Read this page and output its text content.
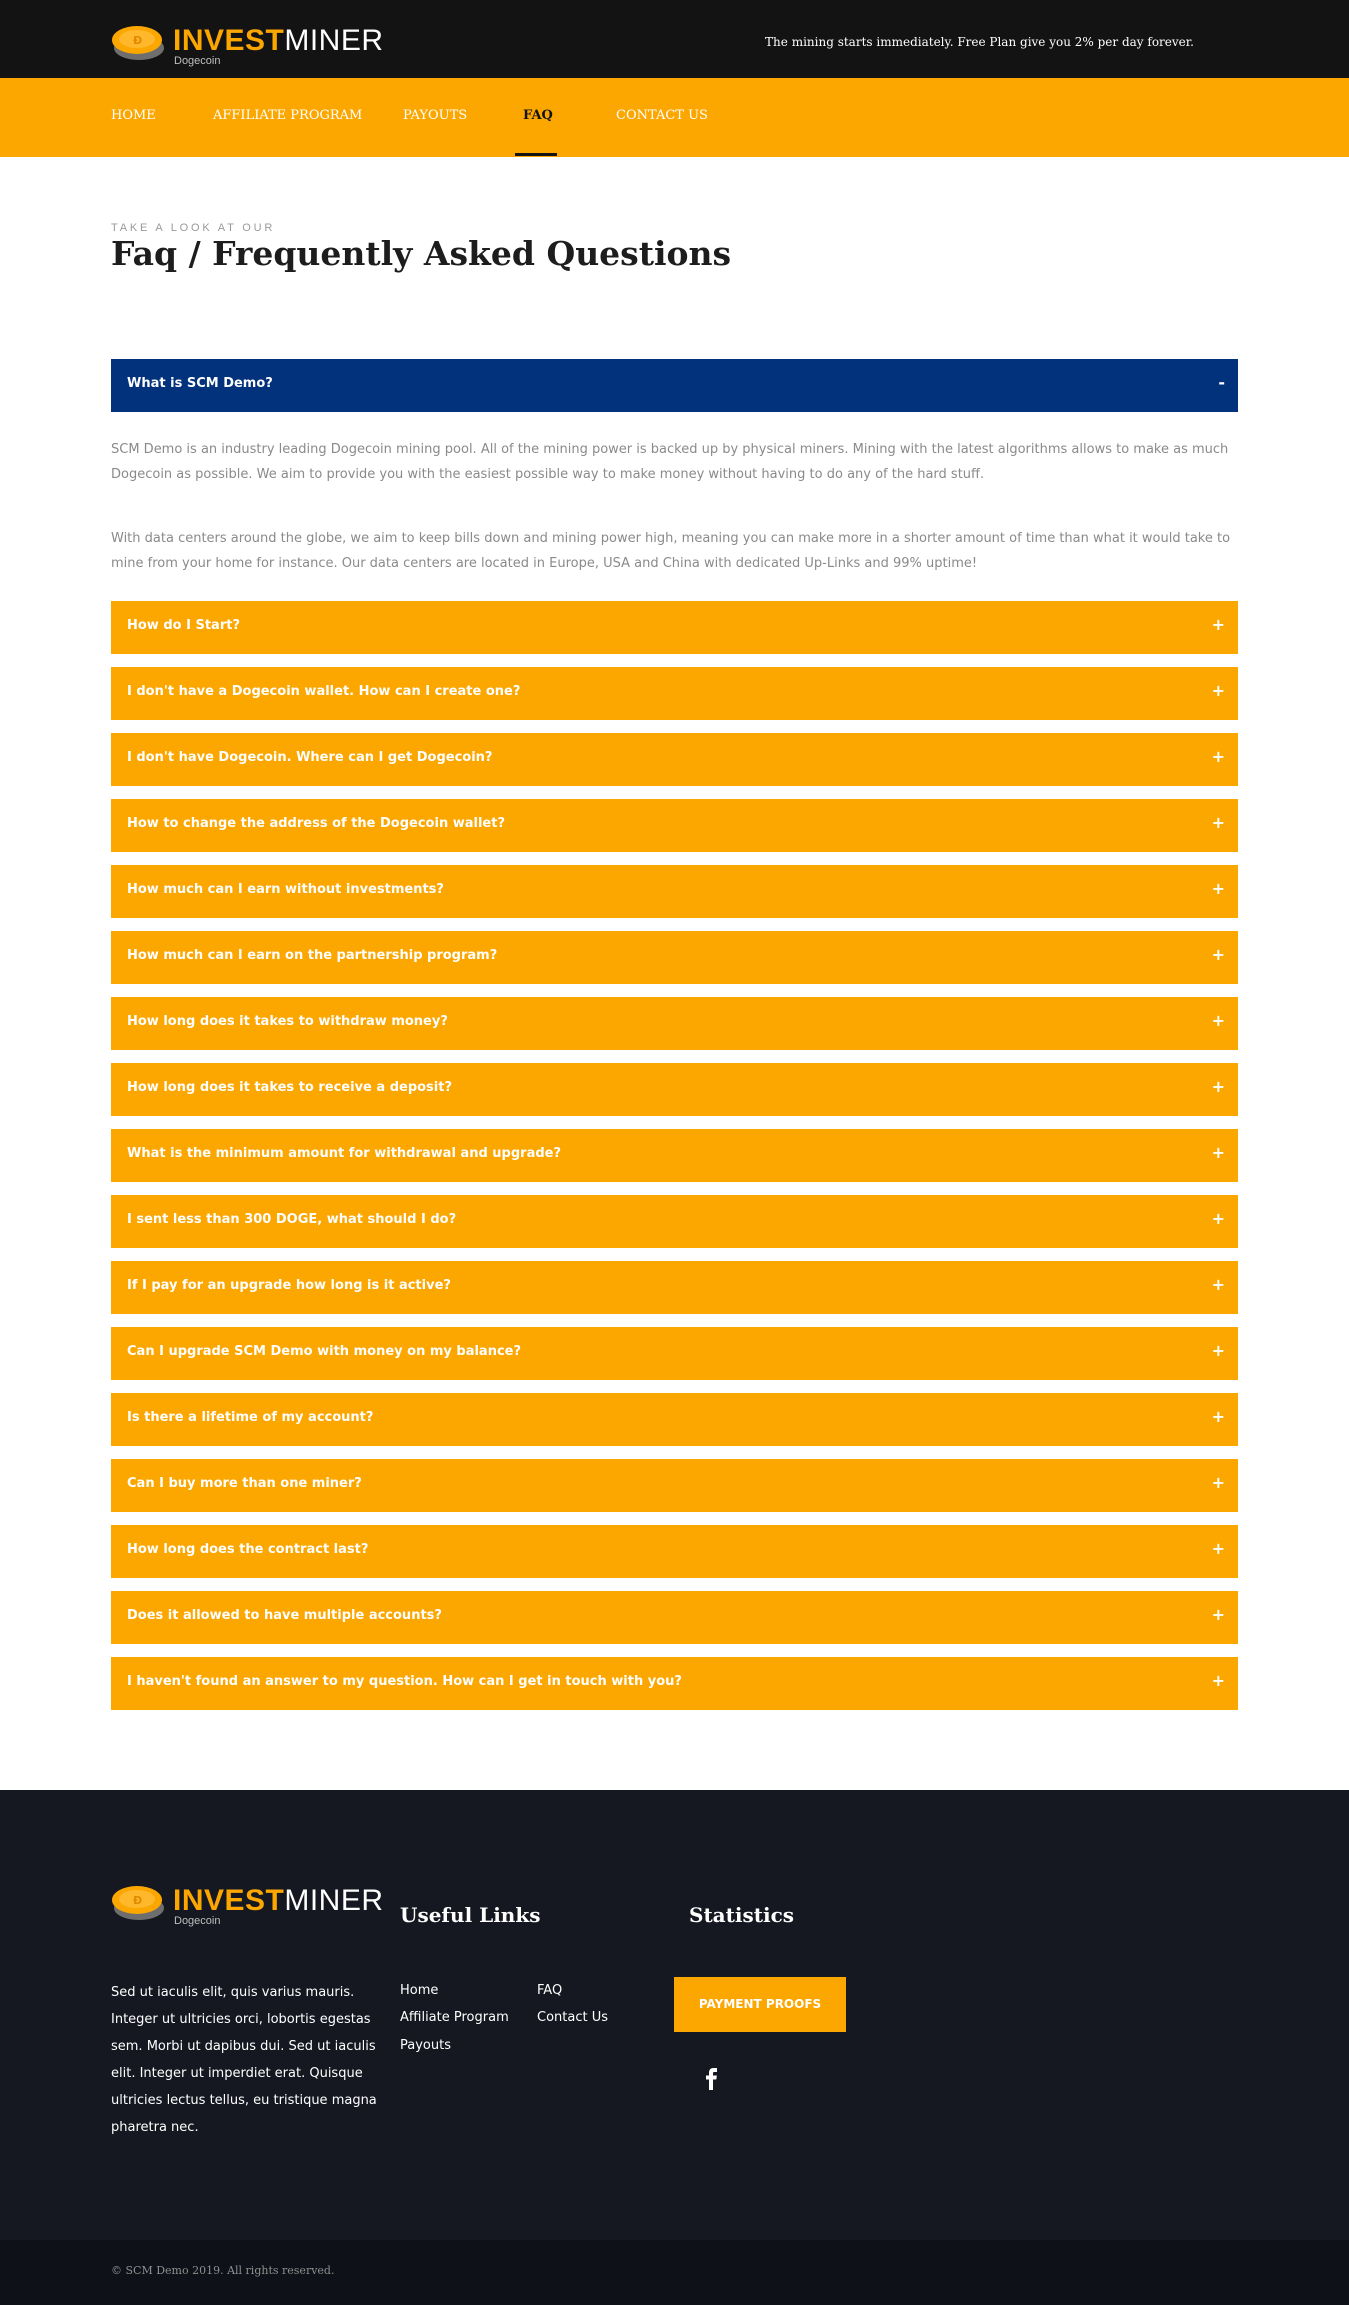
Ð INVESTMINER
Dogecoin
The mining starts immediately. Free Plan give you 2% per day forever.
HOME	AFFILIATE PROGRAM	PAYOUTS	FAQ	CONTACT US
TAKE A LOOK AT OUR
Faq / Frequently Asked Questions
What is SCM Demo?	-

SCM Demo is an industry leading Dogecoin mining pool. All of the mining power is backed up by physical miners. Mining with the latest algorithms allows to make as much Dogecoin as possible. We aim to provide you with the easiest possible way to make money without having to do any of the hard stuff.

With data centers around the globe, we aim to keep bills down and mining power high, meaning you can make more in a shorter amount of time than what it would take to mine from your home for instance. Our data centers are located in Europe, USA and China with dedicated Up-Links and 99% uptime!

How do I Start?	+
I don't have a Dogecoin wallet. How can I create one?	+
I don't have Dogecoin. Where can I get Dogecoin?	+
How to change the address of the Dogecoin wallet?	+
How much can I earn without investments?	+
How much can I earn on the partnership program?	+
How long does it takes to withdraw money?	+
How long does it takes to receive a deposit?	+
What is the minimum amount for withdrawal and upgrade?	+
I sent less than 300 DOGE, what should I do?	+
If I pay for an upgrade how long is it active?	+
Can I upgrade SCM Demo with money on my balance?	+
Is there a lifetime of my account?	+
Can I buy more than one miner?	+
How long does the contract last?	+
Does it allowed to have multiple accounts?	+
I haven't found an answer to my question. How can I get in touch with you?	+
Ð INVESTMINER
Dogecoin

Sed ut iaculis elit, quis varius mauris. Integer ut ultricies orci, lobortis egestas sem. Morbi ut dapibus dui. Sed ut iaculis elit. Integer ut imperdiet erat. Quisque ultricies lectus tellus, eu tristique magna pharetra nec.

Useful Links
Home
Affiliate Program
Payouts
FAQ
Contact Us
Statistics
PAYMENT PROOFS
© SCM Demo 2019. All rights reserved.
